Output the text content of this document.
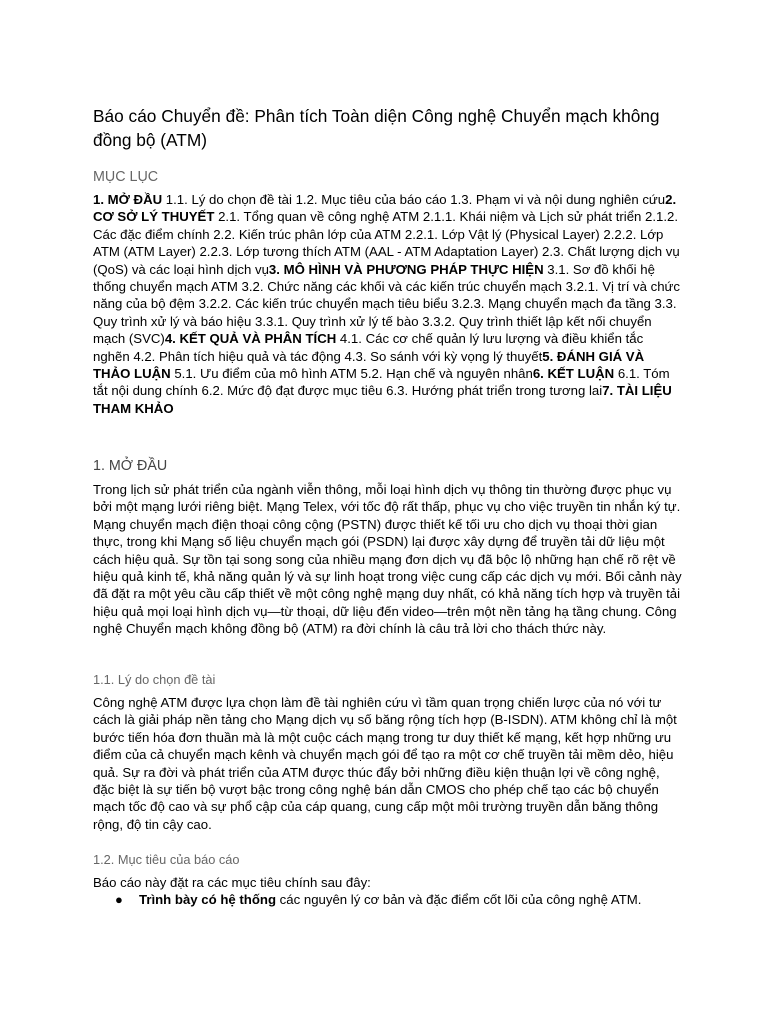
Báo cáo Chuyển đề: Phân tích Toàn diện Công nghệ Chuyển mạch không đồng bộ (ATM)
MỤC LỤC

1. MỞ ĐẦU 1.1. Lý do chọn đề tài 1.2. Mục tiêu của báo cáo 1.3. Phạm vi và nội dung nghiên cứu2. CƠ SỞ LÝ THUYẾT 2.1. Tổng quan về công nghệ ATM 2.1.1. Khái niệm và Lịch sử phát triển 2.1.2. Các đặc điểm chính 2.2. Kiến trúc phân lớp của ATM 2.2.1. Lớp Vật lý (Physical Layer) 2.2.2. Lớp ATM (ATM Layer) 2.2.3. Lớp tương thích ATM (AAL - ATM Adaptation Layer) 2.3. Chất lượng dịch vụ (QoS) và các loại hình dịch vụ3. MÔ HÌNH VÀ PHƯƠNG PHÁP THỰC HIỆN 3.1. Sơ đồ khối hệ thống chuyển mạch ATM 3.2. Chức năng các khối và các kiến trúc chuyển mạch 3.2.1. Vị trí và chức năng của bộ đệm 3.2.2. Các kiến trúc chuyển mạch tiêu biểu 3.2.3. Mạng chuyển mạch đa tầng 3.3. Quy trình xử lý và báo hiệu 3.3.1. Quy trình xử lý tế bào 3.3.2. Quy trình thiết lập kết nối chuyển mạch (SVC)4. KẾT QUẢ VÀ PHÂN TÍCH 4.1. Các cơ chế quản lý lưu lượng và điều khiển tắc nghẽn 4.2. Phân tích hiệu quả và tác động 4.3. So sánh với kỳ vọng lý thuyết5. ĐÁNH GIÁ VÀ THẢO LUẬN 5.1. Ưu điểm của mô hình ATM 5.2. Hạn chế và nguyên nhân6. KẾT LUẬN 6.1. Tóm tắt nội dung chính 6.2. Mức độ đạt được mục tiêu 6.3. Hướng phát triển trong tương lai7. TÀI LIỆU THAM KHẢO

1. MỞ ĐẦU

Trong lịch sử phát triển của ngành viễn thông, mỗi loại hình dịch vụ thông tin thường được phục vụ bởi một mạng lưới riêng biệt. Mạng Telex, với tốc độ rất thấp, phục vụ cho việc truyền tin nhắn ký tự. Mạng chuyển mạch điện thoại công cộng (PSTN) được thiết kế tối ưu cho dịch vụ thoại thời gian thực, trong khi Mạng số liệu chuyển mạch gói (PSDN) lại được xây dựng để truyền tải dữ liệu một cách hiệu quả. Sự tồn tại song song của nhiều mạng đơn dịch vụ đã bộc lộ những hạn chế rõ rệt về hiệu quả kinh tế, khả năng quản lý và sự linh hoạt trong việc cung cấp các dịch vụ mới. Bối cảnh này đã đặt ra một yêu cầu cấp thiết về một công nghệ mạng duy nhất, có khả năng tích hợp và truyền tải hiệu quả mọi loại hình dịch vụ—từ thoại, dữ liệu đến video—trên một nền tảng hạ tầng chung. Công nghệ Chuyển mạch không đồng bộ (ATM) ra đời chính là câu trả lời cho thách thức này.

1.1. Lý do chọn đề tài

Công nghệ ATM được lựa chọn làm đề tài nghiên cứu vì tầm quan trọng chiến lược của nó với tư cách là giải pháp nền tảng cho Mạng dịch vụ số băng rộng tích hợp (B-ISDN). ATM không chỉ là một bước tiến hóa đơn thuần mà là một cuộc cách mạng trong tư duy thiết kế mạng, kết hợp những ưu điểm của cả chuyển mạch kênh và chuyển mạch gói để tạo ra một cơ chế truyền tải mềm dẻo, hiệu quả. Sự ra đời và phát triển của ATM được thúc đẩy bởi những điều kiện thuận lợi về công nghệ, đặc biệt là sự tiến bộ vượt bậc trong công nghệ bán dẫn CMOS cho phép chế tạo các bộ chuyển mạch tốc độ cao và sự phổ cập của cáp quang, cung cấp một môi trường truyền dẫn băng thông rộng, độ tin cậy cao.

1.2. Mục tiêu của báo cáo

Báo cáo này đặt ra các mục tiêu chính sau đây:

● Trình bày có hệ thống các nguyên lý cơ bản và đặc điểm cốt lõi của công nghệ ATM.
